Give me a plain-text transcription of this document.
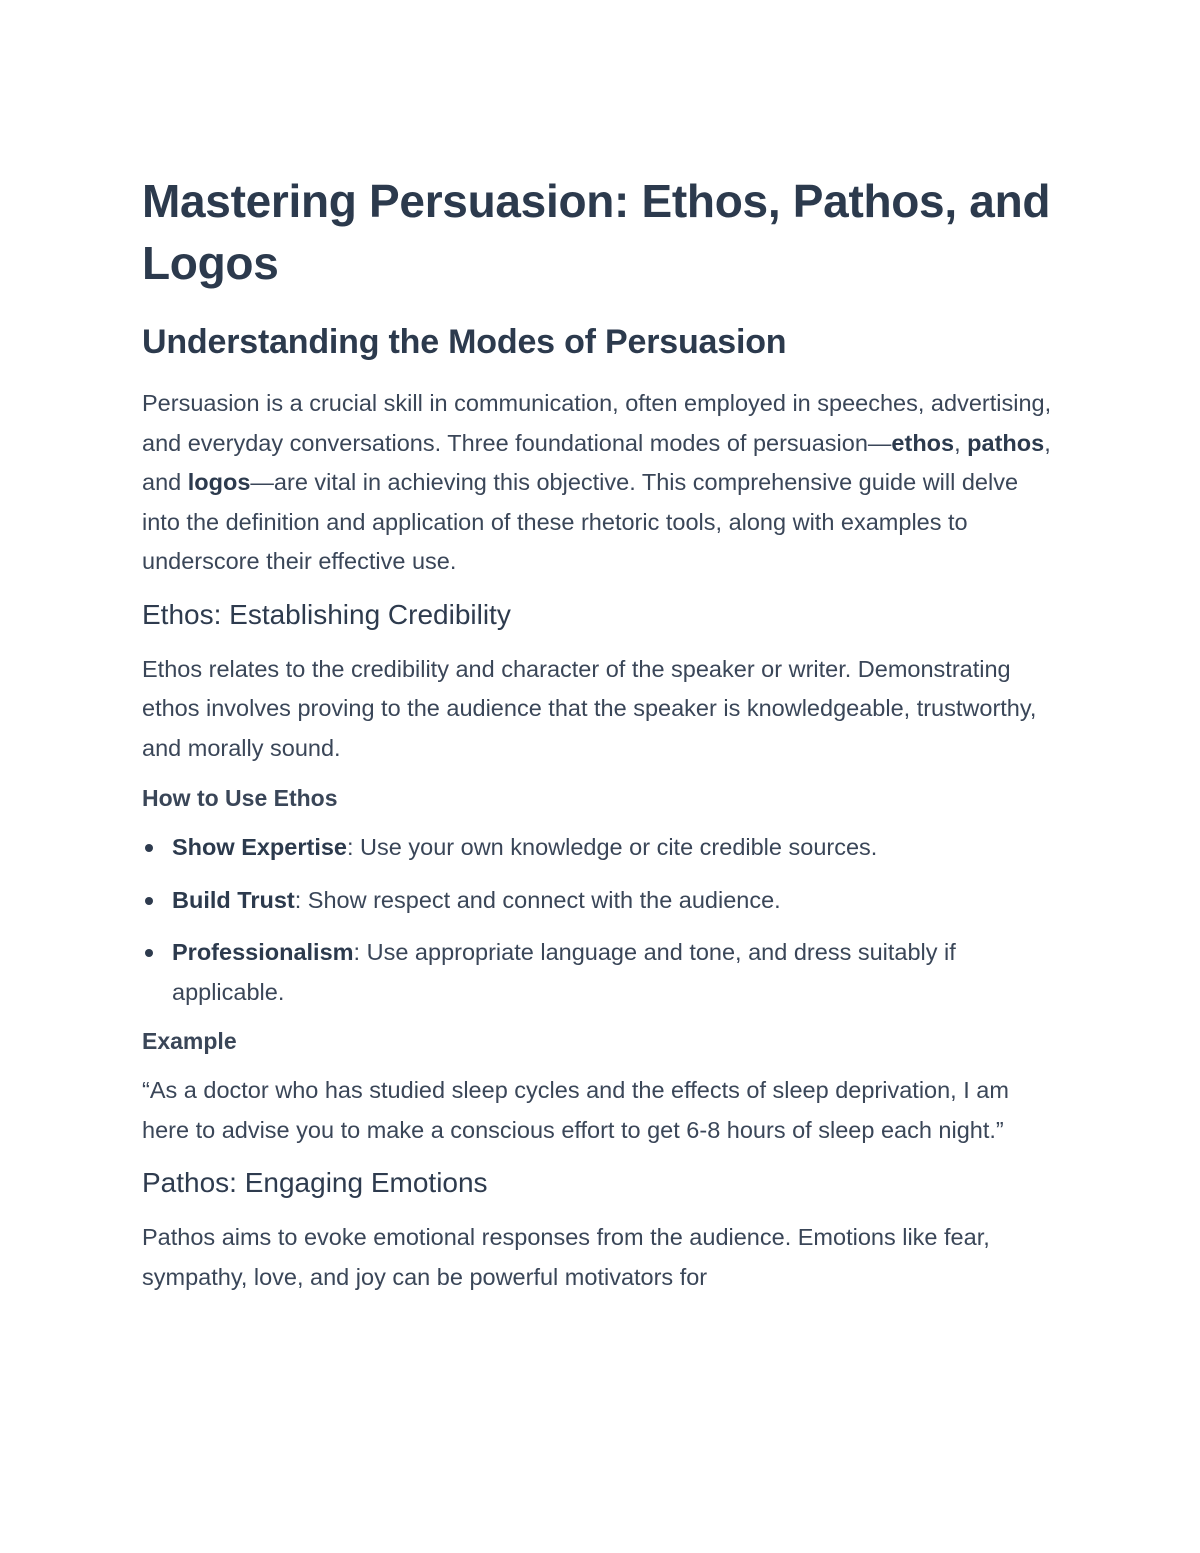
Mastering Persuasion: Ethos, Pathos, and Logos
Understanding the Modes of Persuasion

Persuasion is a crucial skill in communication, often employed in speeches, advertising, and everyday conversations. Three foundational modes of persuasion—ethos, pathos, and logos—are vital in achieving this objective. This comprehensive guide will delve into the definition and application of these rhetoric tools, along with examples to underscore their effective use.

Ethos: Establishing Credibility

Ethos relates to the credibility and character of the speaker or writer. Demonstrating ethos involves proving to the audience that the speaker is knowledgeable, trustworthy, and morally sound.

How to Use Ethos
Show Expertise: Use your own knowledge or cite credible sources.
Build Trust: Show respect and connect with the audience.
Professionalism: Use appropriate language and tone, and dress suitably if applicable.
Example

“As a doctor who has studied sleep cycles and the effects of sleep deprivation, I am here to advise you to make a conscious effort to get 6-8 hours of sleep each night.”

Pathos: Engaging Emotions

Pathos aims to evoke emotional responses from the audience. Emotions like fear, sympathy, love, and joy can be powerful motivators for
